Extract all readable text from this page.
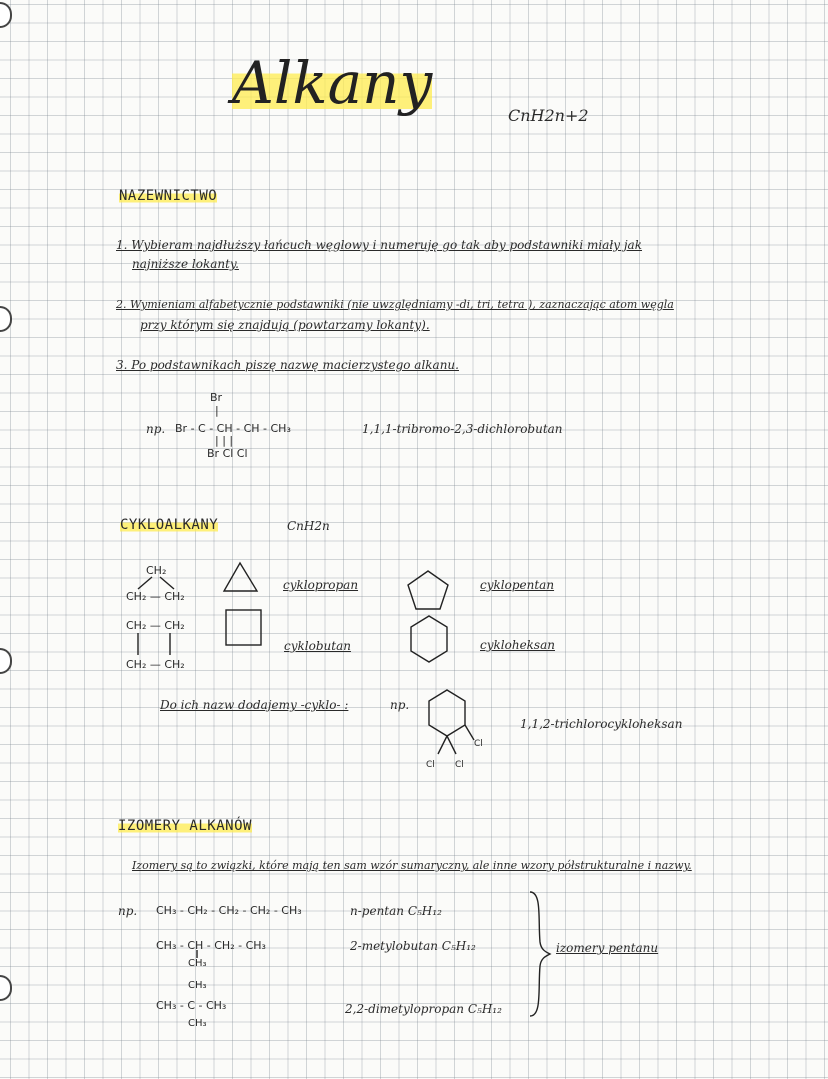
Alkany	CnH2n+2
NAZEWNICTWO
1. Wybieram najdłuższy łańcuch węglowy i numeruję go tak aby podstawniki miały jak
najniższe lokanty.
2. Wymieniam alfabetycznie podstawniki (nie uwzględniamy -di, tri, tetra ), zaznaczając atom węgla
przy którym się znajdują (powtarzamy lokanty).
3. Po podstawnikach piszę nazwę macierzystego alkanu.
Br
|
np. Br - C - CH - CH - CH₃
| | |
Br Cl Cl
1,1,1-tribromo-2,3-dichlorobutan
CYKLOALKANY	CnH2n
CH₂
CH₂ — CH₂
cyklopropan
CH₂ — CH₂
CH₂ — CH₂
cyklobutan
cyklopentan
cykloheksan
Do ich nazw dodajemy -cyklo- :	np.
Cl
Cl Cl
1,1,2-trichlorocykloheksan
IZOMERY ALKANÓW
Izomery są to związki, które mają ten sam wzór sumaryczny, ale inne wzory półstrukturalne i nazwy.
np. CH₃ - CH₂ - CH₂ - CH₂ - CH₃	n-pentan C₅H₁₂
CH₃ - CH - CH₂ - CH₃
CH₃
2-metylobutan C₅H₁₂
CH₃
CH₃ - C - CH₃
CH₃
2,2-dimetylopropan C₅H₁₂
izomery pentanu
